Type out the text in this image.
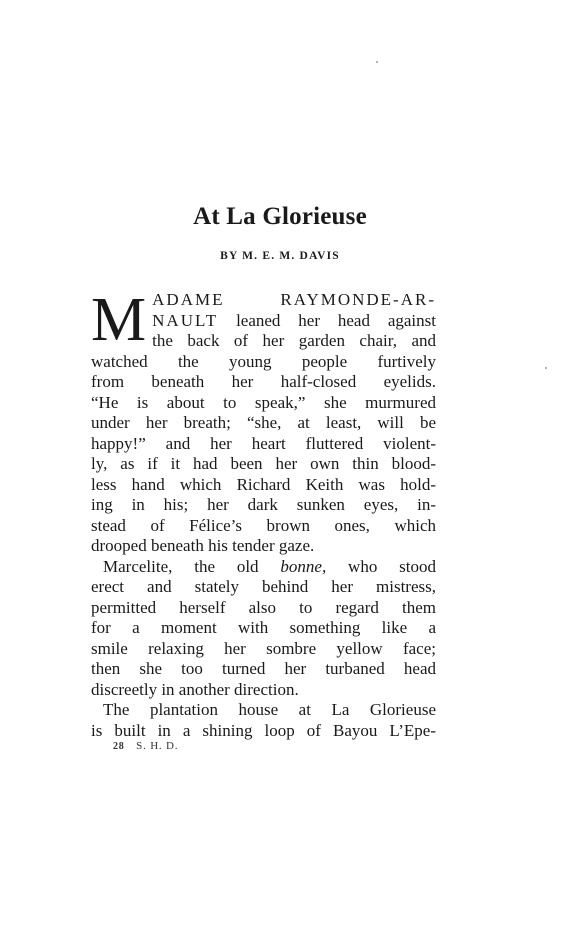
At La Glorieuse
BY M. E. M. DAVIS
M ADAME RAYMONDE-AR-
NAULT leaned her head against
the back of her garden chair, and
watched the young people furtively
from beneath her half-closed eyelids.
“He is about to speak,” she murmured
under her breath; “she, at least, will be
happy!” and her heart fluttered violent-
ly, as if it had been her own thin blood-
less hand which Richard Keith was hold-
ing in his; her dark sunken eyes, in-
stead of Félice’s brown ones, which
drooped beneath his tender gaze.
Marcelite, the old bonne, who stood
erect and stately behind her mistress,
permitted herself also to regard them
for a moment with something like a
smile relaxing her sombre yellow face;
then she too turned her turbaned head
discreetly in another direction.
The plantation house at La Glorieuse
is built in a shining loop of Bayou L’Epe-
28 S. H. D.
